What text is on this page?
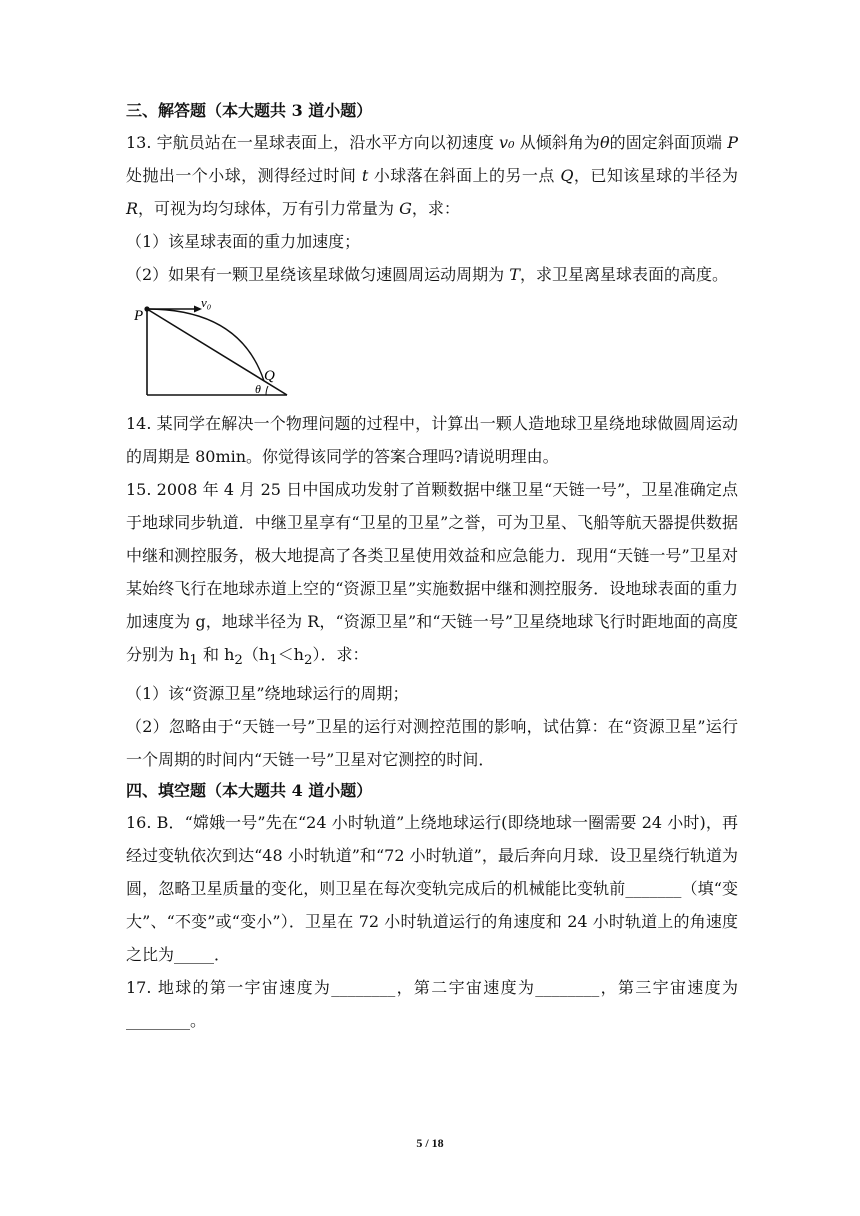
三、解答题（本大题共 3 道小题）

13. 宇航员站在一星球表面上，沿水平方向以初速度 v₀ 从倾斜角为θ的固定斜面顶端 P 处抛出一个小球，测得经过时间 t 小球落在斜面上的另一点 Q，已知该星球的半径为 R，可视为均匀球体，万有引力常量为 G，求：

（1）该星球表面的重力加速度；

（2）如果有一颗卫星绕该星球做匀速圆周运动周期为 T，求卫星离星球表面的高度。

P
v₀
Q
θ

14. 某同学在解决一个物理问题的过程中，计算出一颗人造地球卫星绕地球做圆周运动的周期是 80min。你觉得该同学的答案合理吗?请说明理由。

15. 2008 年 4 月 25 日中国成功发射了首颗数据中继卫星“天链一号”，卫星准确定点于地球同步轨道．中继卫星享有“卫星的卫星”之誉，可为卫星、飞船等航天器提供数据中继和测控服务，极大地提高了各类卫星使用效益和应急能力．现用“天链一号”卫星对某始终飞行在地球赤道上空的“资源卫星”实施数据中继和测控服务．设地球表面的重力加速度为 g，地球半径为 R，“资源卫星”和“天链一号”卫星绕地球飞行时距地面的高度分别为 $h_1$ 和 $h_2(h_1<h_2)$．求：

（1）该“资源卫星”绕地球运行的周期；

（2）忽略由于“天链一号”卫星的运行对测控范围的影响，试估算：在“资源卫星”运行一个周期的时间内“天链一号”卫星对它测控的时间．

四、填空题（本大题共 4 道小题）

16. B．“嫦娥一号”先在“24 小时轨道”上绕地球运行(即绕地球一圈需要 24 小时)，再经过变轨依次到达“48 小时轨道”和“72 小时轨道”，最后奔向月球．设卫星绕行轨道为圆，忽略卫星质量的变化，则卫星在每次变轨完成后的机械能比变轨前_______（填“变大”、“不变”或“变小”）．卫星在 72 小时轨道运行的角速度和 24 小时轨道上的角速度之比为_____．

17. 地球的第一宇宙速度为________，第二宇宙速度为________，第三宇宙速度为________。

5 / 18
